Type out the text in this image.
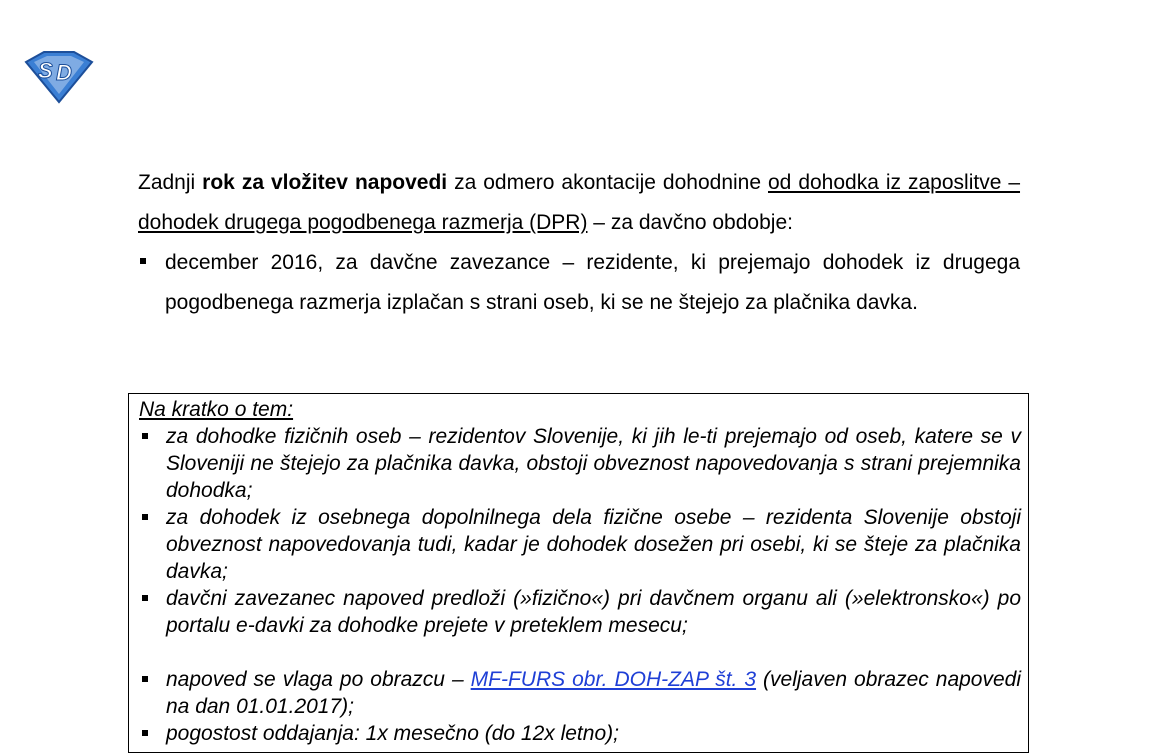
S D

Zadnji rok za vložitev napovedi za odmero akontacije dohodnine od dohodka iz zaposlitve – dohodek drugega pogodbenega razmerja (DPR) – za davčno obdobje:

december 2016, za davčne zavezance – rezidente, ki prejemajo dohodek iz drugega pogodbenega razmerja izplačan s strani oseb, ki se ne štejejo za plačnika davka.

Na kratko o tem:

za dohodke fizičnih oseb – rezidentov Slovenije, ki jih le-ti prejemajo od oseb, katere se v Sloveniji ne štejejo za plačnika davka, obstoji obveznost napovedovanja s strani prejemnika dohodka;
za dohodek iz osebnega dopolnilnega dela fizične osebe – rezidenta Slovenije obstoji obveznost napovedovanja tudi, kadar je dohodek dosežen pri osebi, ki se šteje za plačnika davka;
davčni zavezanec napoved predloži (»fizično«) pri davčnem organu ali (»elektronsko«) po portalu e-davki za dohodke prejete v preteklem mesecu;
napoved se vlaga po obrazcu – MF-FURS obr. DOH-ZAP št. 3 (veljaven obrazec napovedi na dan 01.01.2017);
pogostost oddajanja: 1x mesečno (do 12x letno);
